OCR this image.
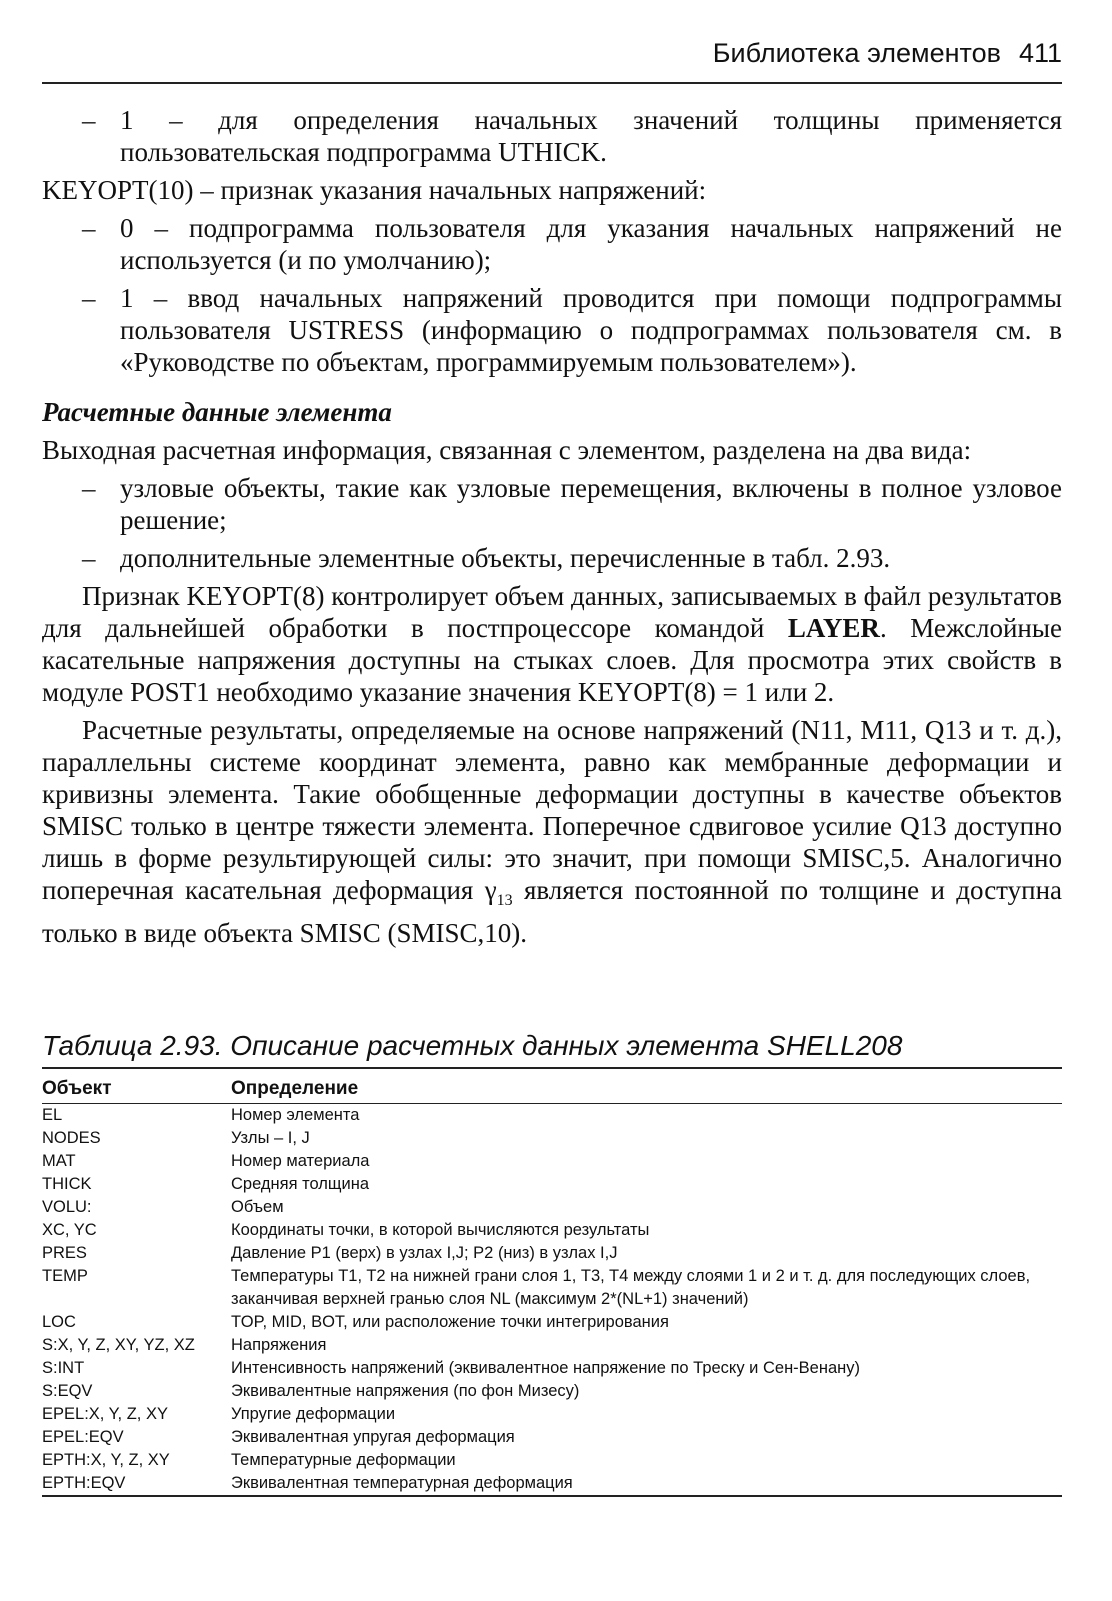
Библиотека элементов 411
– 1 – для определения начальных значений толщины применяется пользовательская подпрограмма UTHICK.

KEYOPT(10) – признак указания начальных напряжений:

– 0 – подпрограмма пользователя для указания начальных напряжений не используется (и по умолчанию);
– 1 – ввод начальных напряжений проводится при помощи подпрограммы пользователя USTRESS (информацию о подпрограммах пользователя см. в «Руководстве по объектам, программируемым пользователем»).
Расчетные данные элемента

Выходная расчетная информация, связанная с элементом, разделена на два вида:

– узловые объекты, такие как узловые перемещения, включены в полное узловое решение;
– дополнительные элементные объекты, перечисленные в табл. 2.93.

Признак KEYOPT(8) контролирует объем данных, записываемых в файл результатов для дальнейшей обработки в постпроцессоре командой LAYER. Межслойные касательные напряжения доступны на стыках слоев. Для просмотра этих свойств в модуле POST1 необходимо указание значения KEYOPT(8) = 1 или 2.

Расчетные результаты, определяемые на основе напряжений (N11, M11, Q13 и т. д.), параллельны системе координат элемента, равно как мембранные деформации и кривизны элемента. Такие обобщенные деформации доступны в качестве объектов SMISC только в центре тяжести элемента. Поперечное сдвиговое усилие Q13 доступно лишь в форме результирующей силы: это значит, при помощи SMISC,5. Аналогично поперечная касательная деформация $\gamma_{13}$ является постоянной по толщине и доступна только в виде объекта SMISC (SMISC,10).

Таблица 2.93. Описание расчетных данных элемента SHELL208
Объект	Определение
EL	Номер элемента
NODES	Узлы – I, J
MAT	Номер материала
THICK	Средняя толщина
VOLU:	Объем
XC, YC	Координаты точки, в которой вычисляются результаты
PRES	Давление P1 (верх) в узлах I,J; P2 (низ) в узлах I,J
TEMP	Температуры T1, T2 на нижней грани слоя 1, T3, T4 между слоями 1 и 2 и т. д. для последующих слоев, заканчивая верхней гранью слоя NL (максимум 2*(NL+1) значений)
LOC	TOP, MID, BOT, или расположение точки интегрирования
S:X, Y, Z, XY, YZ, XZ	Напряжения
S:INT	Интенсивность напряжений (эквивалентное напряжение по Треску и Сен-Венану)
S:EQV	Эквивалентные напряжения (по фон Мизесу)
EPEL:X, Y, Z, XY	Упругие деформации
EPEL:EQV	Эквивалентная упругая деформация
EPTH:X, Y, Z, XY	Температурные деформации
EPTH:EQV	Эквивалентная температурная деформация
